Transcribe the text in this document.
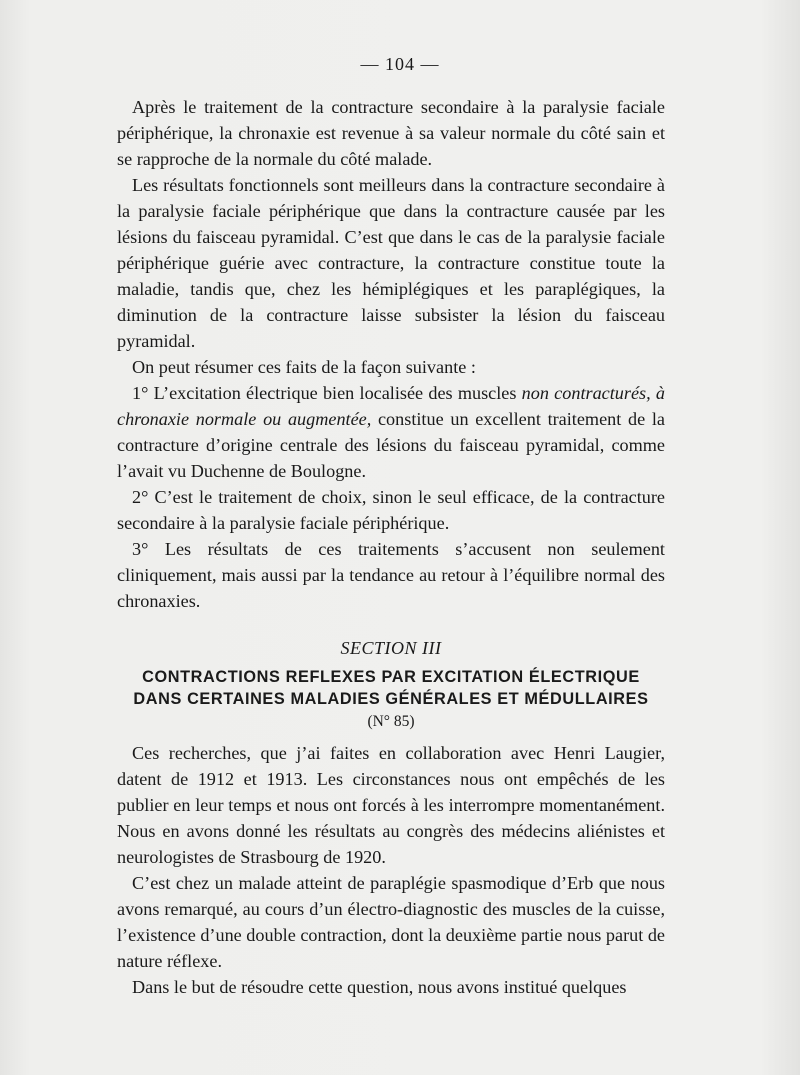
— 104 —

Après le traitement de la contracture secondaire à la paralysie faciale périphérique, la chronaxie est revenue à sa valeur normale du côté sain et se rapproche de la normale du côté malade.

Les résultats fonctionnels sont meilleurs dans la contracture secondaire à la paralysie faciale périphérique que dans la contracture causée par les lésions du faisceau pyramidal. C’est que dans le cas de la paralysie faciale périphérique guérie avec contracture, la contracture constitue toute la maladie, tandis que, chez les hémiplégiques et les paraplégiques, la diminution de la contracture laisse subsister la lésion du faisceau pyramidal.

On peut résumer ces faits de la façon suivante :

1° L’excitation électrique bien localisée des muscles non contracturés, à chronaxie normale ou augmentée, constitue un excellent traitement de la contracture d’origine centrale des lésions du faisceau pyramidal, comme l’avait vu Duchenne de Boulogne.

2° C’est le traitement de choix, sinon le seul efficace, de la contracture secondaire à la paralysie faciale périphérique.

3° Les résultats de ces traitements s’accusent non seulement cliniquement, mais aussi par la tendance au retour à l’équilibre normal des chronaxies.

SECTION III
CONTRACTIONS REFLEXES PAR EXCITATION ÉLECTRIQUE
DANS CERTAINES MALADIES GÉNÉRALES ET MÉDULLAIRES
(N° 85)

Ces recherches, que j’ai faites en collaboration avec Henri Laugier, datent de 1912 et 1913. Les circonstances nous ont empêchés de les publier en leur temps et nous ont forcés à les interrompre momentanément. Nous en avons donné les résultats au congrès des médecins aliénistes et neurologistes de Strasbourg de 1920.

C’est chez un malade atteint de paraplégie spasmodique d’Erb que nous avons remarqué, au cours d’un électro-diagnostic des muscles de la cuisse, l’existence d’une double contraction, dont la deuxième partie nous parut de nature réflexe.

Dans le but de résoudre cette question, nous avons institué quelques
